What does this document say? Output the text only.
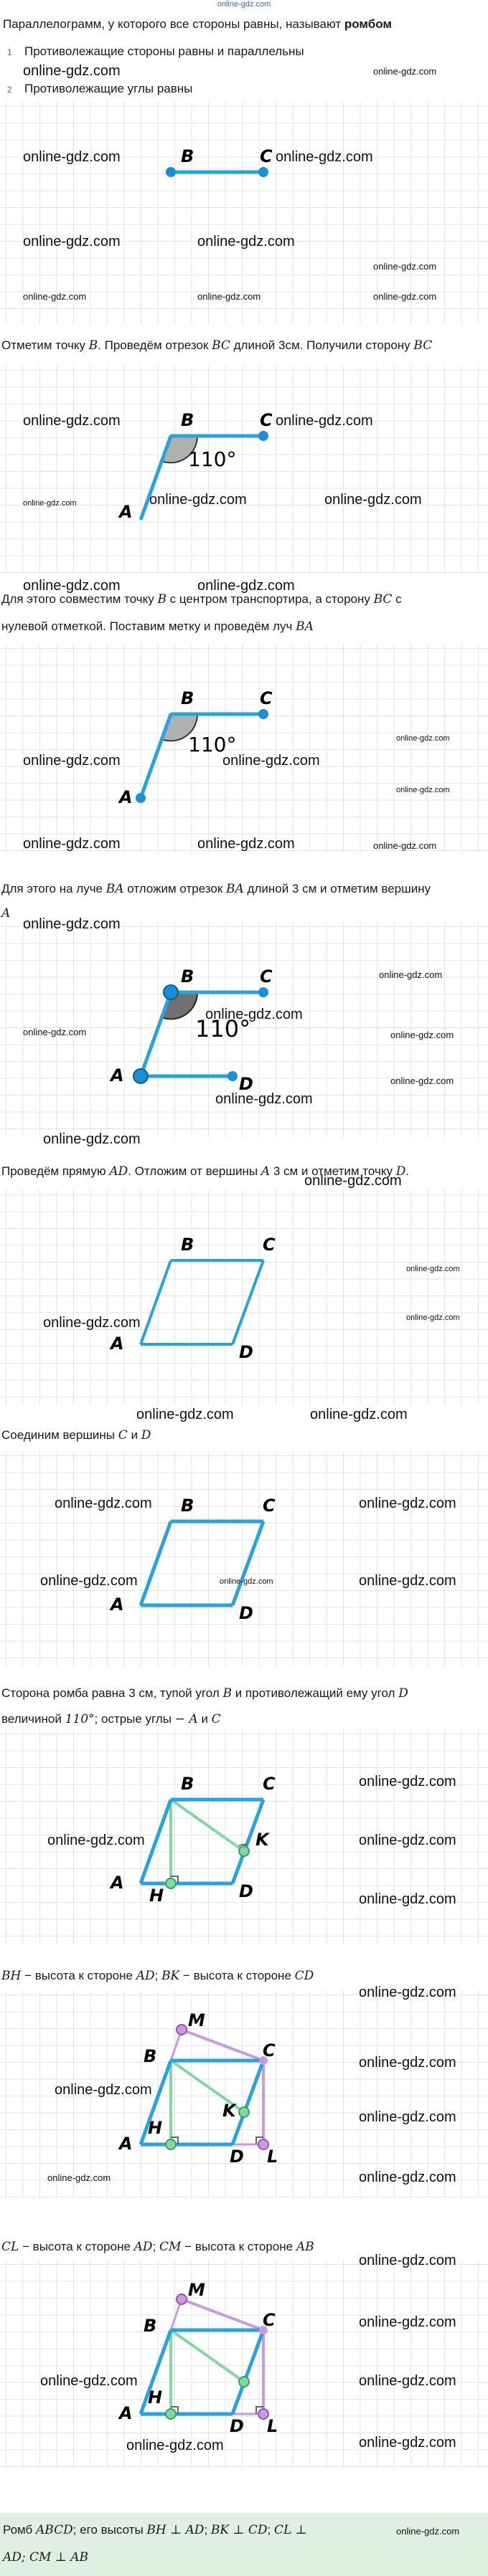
online-gdz.com
Параллелограмм, у которого все стороны равны, называют ромбом
1 Противолежащие стороны равны и параллельны
online-gdz.com	online-gdz.com
2 Противолежащие углы равны
B	C
online-gdz.com	online-gdz.com
online-gdz.com	online-gdz.com
online-gdz.com
online-gdz.com	online-gdz.com	online-gdz.com
Отметим точку B. Проведём отрезок BC длиной 3см. Получили сторону BC
B	C
A
110°
online-gdz.com	online-gdz.com
online-gdz.com	online-gdz.com
online-gdz.com
Для этого совместим точку B с центром транспортира, а сторону BC с
online-gdz.com	online-gdz.com
нулевой отметкой. Поставим метку и проведём луч BA
B	C
A
110°
online-gdz.com	online-gdz.com
online-gdz.com
online-gdz.com
online-gdz.com	online-gdz.com	online-gdz.com
Для этого на луче BA отложим отрезок BA длиной 3 см и отметим вершину
A
B	C
A	D
110°
online-gdz.com
online-gdz.com
online-gdz.com
online-gdz.com	online-gdz.com
online-gdz.com
online-gdz.com
online-gdz.com
online-gdz.com
Проведём прямую AD. Отложим от вершины A 3 см и отметим точку D.
B	C
A	D
online-gdz.com
online-gdz.com	online-gdz.com
online-gdz.com	online-gdz.com
Соединим вершины C и D
B	C
A	D
online-gdz.com	online-gdz.com
online-gdz.com	online-gdz.com	online-gdz.com
Сторона ромба равна 3 см, тупой угол B и противолежащий ему угол D
величиной 110°; острые углы − A и C
B	C
A	D
H
K
online-gdz.com
online-gdz.com	online-gdz.com
online-gdz.com
BH − высота к стороне AD; BK − высота к стороне CD
B	C
M
A
D L
H
K
online-gdz.com
online-gdz.com
online-gdz.com
online-gdz.com
online-gdz.com	online-gdz.com
CL − высота к стороне AD; CM − высота к стороне AB
B	C
M
A
D L
H
online-gdz.com
online-gdz.com
online-gdz.com	online-gdz.com
online-gdz.com	online-gdz.com
Ромб ABCD; его высоты BH ⊥ AD; BK ⊥ CD; CL ⊥	online-gdz.com
AD; CM ⊥ AB
